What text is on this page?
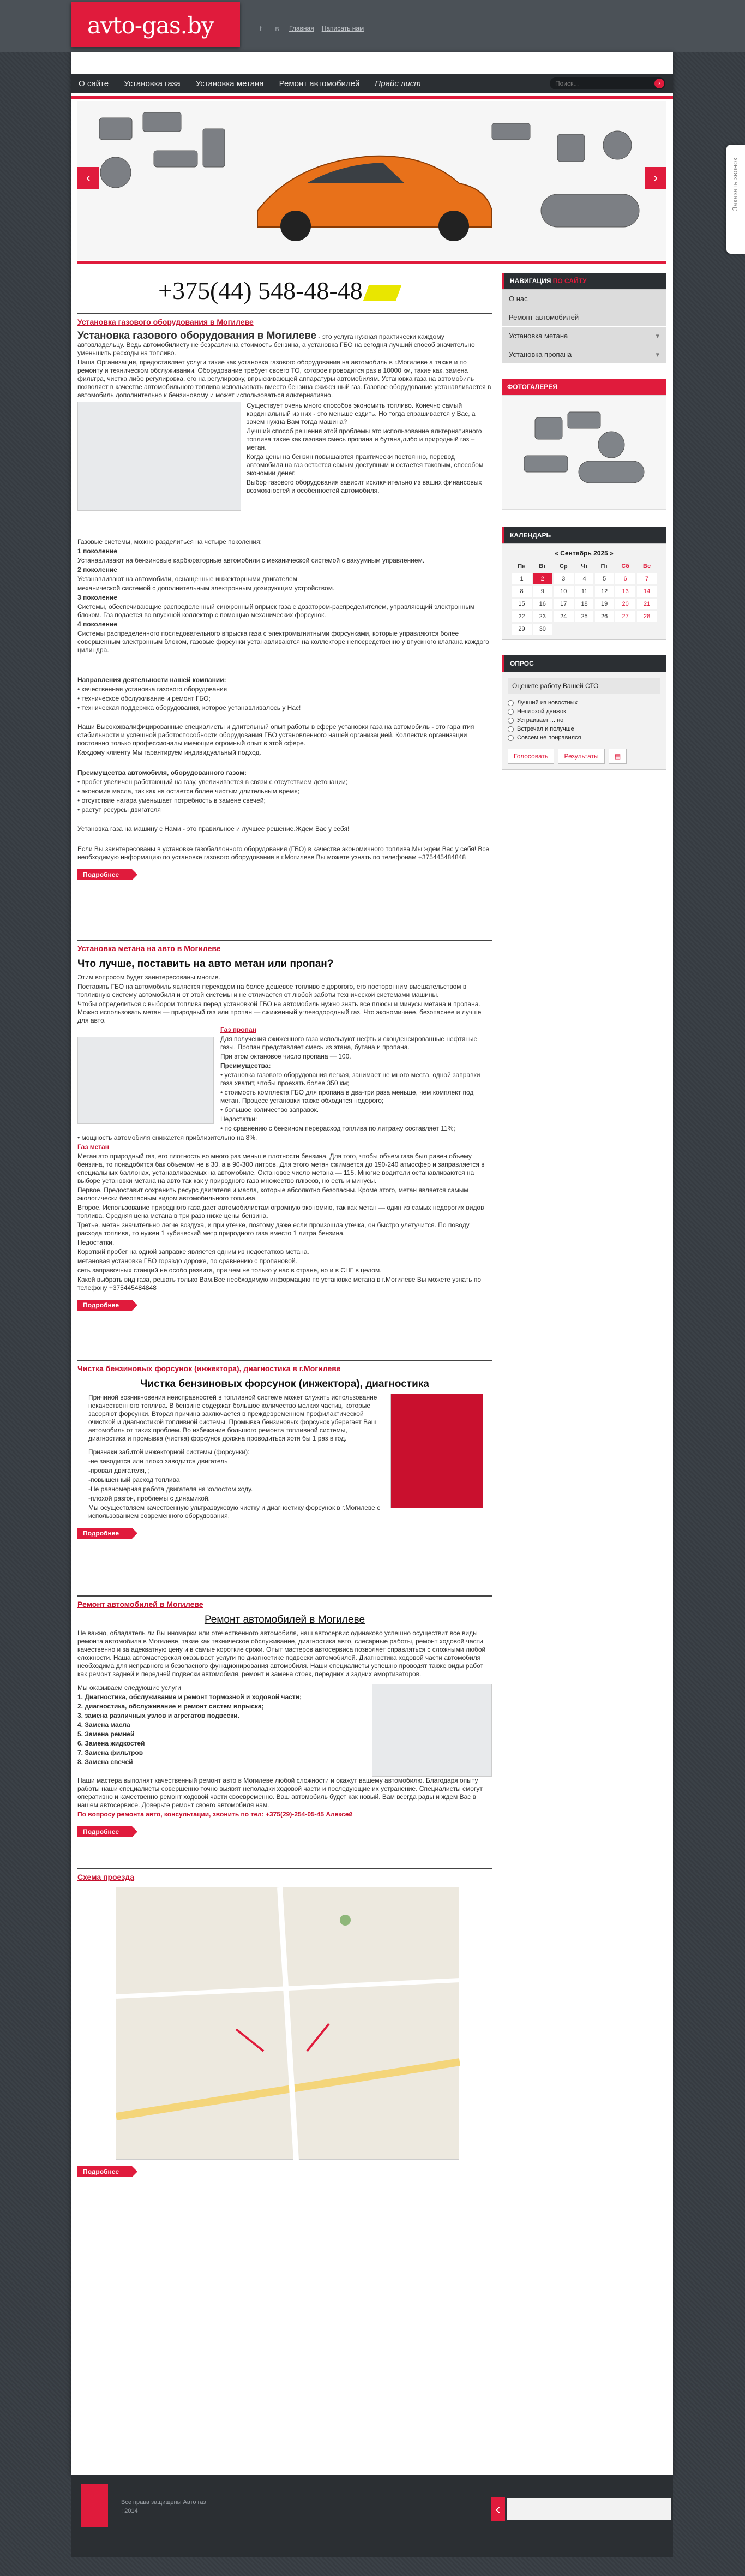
avto-gas.by	t	в	Главная Написать нам
Заказать звонок
О сайте	Установка газа	Установка метана	Ремонт автомобилей	Прайс лист	Поиск...	›
‹	›
+375(44) 548-48-48
Установка газового оборудования в Могилеве

Установка газового оборудования в Могилеве - это услуга нужная практически каждому автовладельцу. Ведь автомобилисту не безразлична стоимость бензина, а установка ГБО на сегодня лучший способ значительно уменьшить расходы на топливо.

Наша Организация, предоставляет услуги такие как установка газового оборудования на автомобиль в г.Могилеве а также и по ремонту и техническом обслуживании. Оборудование требует своего ТО, которое проводится раз в 10000 км, такие как, замена фильтра, чистка либо регулировка, его на регулировку, впрыскивающей аппаратуры автомобилям. Установка газа на автомобиль позволяет в качестве автомобильного топлива использовать вместо бензина сжиженный газ. Газовое оборудование устанавливается в автомобиль дополнительно к бензиновому и может использоваться альтернативно.

Существует очень много способов экономить топливо. Конечно самый кардинальный из них - это меньше ездить. Но тогда спрашивается у Вас, а зачем нужна Вам тогда машина?

Лучший способ решения этой проблемы это использование альтернативного топлива такие как газовая смесь пропана и бутана,либо и природный газ – метан.

Когда цены на бензин повышаются практически постоянно, перевод автомобиля на газ остается самым доступным и остается таковым, способом экономии денег.

Выбор газового оборудования зависит исключительно из ваших финансовых возможностей и особенностей автомобиля.

Газовые системы, можно разделиться на четыре поколения:

1 поколение

Устанавливают на бензиновые карбюраторные автомобили с механической системой с вакуумным управлением.

2 поколение

Устанавливают на автомобили, оснащенные инжекторными двигателем

механической системой с дополнительным электронным дозирующим устройством.

3 поколение

Системы, обеспечивающие распределенный синхронный впрыск газа с дозатором-распределителем, управляющий электронным блоком. Газ подается во впускной коллектор с помощью механических форсунок.

4 поколение

Системы распределенного последовательного впрыска газа с электромагнитными форсунками, которые управляются более совершенным электронным блоком, газовые форсунки устанавливаются на коллекторе непосредственно у впускного клапана каждого цилиндра.

Направления деятельности нашей компании:

• качественная установка газового оборудования

• техническое обслуживание и ремонт ГБО;

• техническая поддержка оборудования, которое устанавливалось у Нас!

Наши Высококвалифицированные специалисты и длительный опыт работы в сфере установки газа на автомобиль - это гарантия стабильности и успешной работоспособности оборудования ГБО установленного нашей организацией. Коллектив организации постоянно только профессионалы имеющие огромный опыт в этой сфере.

Каждому клиенту Мы гарантируем индивидуальный подход.

Преимущества автомобиля, оборудованного газом:

• пробег увеличен работающий на газу, увеличивается в связи с отсутствием детонации;

• экономия масла, так как на остается более чистым длительным время;

• отсутствие нагара уменьшает потребность в замене свечей;

• растут ресурсы двигателя

Установка газа на машину с Нами - это правильное и лучшее решение.Ждем Вас у себя!

Если Вы заинтересованы в установке газобаллонного оборудования (ГБО) в качестве экономичного топлива.Мы ждем Вас у себя! Все необходимую информацию по установке газового оборудования в г.Могилеве Вы можете узнать по телефонам +375445484848

Подробнее
Установка метана на авто в Могилеве
Что лучше, поставить на авто метан или пропан?

Этим вопросом будет заинтересованы многие.

Поставить ГБО на автомобиль является переходом на более дешевое топливо с дорогого, его посторонним вмешательством в топливную систему автомобиля и от этой системы и не отличается от любой заботы технической системами машины.

Чтобы определиться с выбором топлива перед установкой ГБО на автомобиль нужно знать все плюсы и минусы метана и пропана. Можно использовать метан — природный газ или пропан — сжиженный углеводородный газ. Что экономичнее, безопаснее и лучше для авто.

Газ пропан

Для получения сжиженного газа используют нефть и сконденсированные нефтяные газы. Пропан представляет смесь из этана, бутана и пропана.

При этом октановое число пропана — 100.

Преимущества:

• установка газового оборудования легкая, занимает не много места, одной заправки газа хватит, чтобы проехать более 350 км;

• стоимость комплекта ГБО для пропана в два-три раза меньше, чем комплект под метан. Процесс установки также обходится недорого;

• большое количество заправок.

Недостатки:

• по сравнению с бензином перерасход топлива по литражу составляет 11%;

• мощность автомобиля снижается приблизительно на 8%.

Газ метан

Метан это природный газ, его плотность во много раз меньше плотности бензина. Для того, чтобы объем газа был равен объему бензина, то понадобится бак объемом не в 30, а в 90-300 литров. Для этого метан сжимается до 190-240 атмосфер и заправляется в специальных баллонах, устанавливаемых на автомобиле. Октановое число метана — 115. Многие водители останавливаются на выборе установки метана на авто так как у природного газа множество плюсов, но есть и минусы.

Первое. Предоставит сохранить ресурс двигателя и масла, которые абсолютно безопасны. Кроме этого, метан является самым экологически безопасным видом автомобильного топлива.

Второе. Использование природного газа дает автомобилистам огромную экономию, так как метан — один из самых недорогих видов топлива. Средняя цена метана в три раза ниже цены бензина.

Третье. метан значительно легче воздуха, и при утечке, поэтому даже если произошла утечка, он быстро улетучится. По поводу расхода топлива, то нужен 1 кубический метр природного газа вместо 1 литра бензина.

Недостатки.

Короткий пробег на одной заправке является одним из недостатков метана.

метановая установка ГБО гораздо дороже, по сравнению с пропановой.

сеть заправочных станций не особо развита, при чем не только у нас в стране, но и в СНГ в целом.

Какой выбрать вид газа, решать только Вам.Все необходимую информацию по установке метана в г.Могилеве Вы можете узнать по телефону +375445484848

Подробнее
Чистка бензиновых форсунок (инжектора), диагностика в г.Могилеве
Чистка бензиновых форсунок (инжектора), диагностика

Причиной возникновения неисправностей в топливной системе может служить использование некачественного топлива. В бензине содержат большое количество мелких частиц, которые засоряют форсунки. Вторая причина заключается в преждевременном профилактической очисткой и диагностикой топливной системы. Промывка бензиновых форсунок уберегает Ваш автомобиль от таких проблем. Во избежание большого ремонта топливной системы, диагностика и промывка (чистка) форсунок должна проводиться хотя бы 1 раз в год.

Признаки забитой инжекторной системы (форсунки):

-не заводится или плохо заводится двигатель

-провал двигателя, ;

-повышенный расход топлива

-Не равномерная работа двигателя на холостом ходу.

-плохой разгон, проблемы с динамикой.

Мы осуществляем качественную ультразвуковую чистку и диагностику форсунок в г.Могилеве с использованием современного оборудования.

Подробнее
Ремонт автомобилей в Могилеве
Ремонт автомобилей в Могилеве

Не важно, обладатель ли Вы иномарки или отечественного автомобиля, наш автосервис одинаково успешно осуществит все виды ремонта автомобиля в Могилеве, такие как техническое обслуживание, диагностика авто, слесарные работы, ремонт ходовой части качественно и за адекватную цену и в самые короткие сроки. Опыт мастеров автосервиса позволяет справляться с сложными любой сложности. Наша автомастерская оказывает услуги по диагностике подвески автомобилей. Диагностика ходовой части автомобиля необходима для исправного и безопасного функционирования автомобиля. Наши специалисты успешно проводят также виды работ как ремонт задней и передней подвески автомобиля, ремонт и замена стоек, передних и задних амортизаторов.

Мы оказываем следующие услуги

1. Диагностика, обслуживание и ремонт тормозной и ходовой части;

2. диагностика, обслуживание и ремонт систем впрыска;

3. замена различных узлов и агрегатов подвески.

4. Замена масла

5. Замена ремней

6. Замена жидкостей

7. Замена фильтров

8. Замена свечей

Наши мастера выполнят качественный ремонт авто в Могилеве любой сложности и окажут вашему автомобилю. Благодаря опыту работы наши специалисты совершенно точно выявят неполадки ходовой части и последующие их устранение. Специалисты смогут оперативно и качественно ремонт ходовой части своевременно. Ваш автомобиль будет как новый. Вам всегда рады и ждем Вас в нашем автосервисе. Доверьте ремонт своего автомобиля нам.

По вопросу ремонта авто, консультации, звонить по тел: +375(29)-254-05-45 Алексей

Подробнее
Схема проезда
Подробнее
НАВИГАЦИЯ ПО САЙТУ
О нас
Ремонт автомобилей
Установка метана	▾
Установка пропана	▾
ФОТОГАЛЕРЕЯ
КАЛЕНДАРЬ
« Сентябрь 2025 »
Пн	Вт	Ср	Чт	Пт	Сб	Вс
1	2	3	4	5	6	7
8	9	10	11	12	13	14
15	16	17	18	19	20	21
22	23	24	25	26	27	28
29	30					
ОПРОС
Оцените работу Вашей СТО
Лучший из новостных
Неплохой движок
Устраивает ... но
Встречал и получше
Совсем не понравился
Голосовать Результаты ▤
Все права защищены Авто газ
; 2014	‹
